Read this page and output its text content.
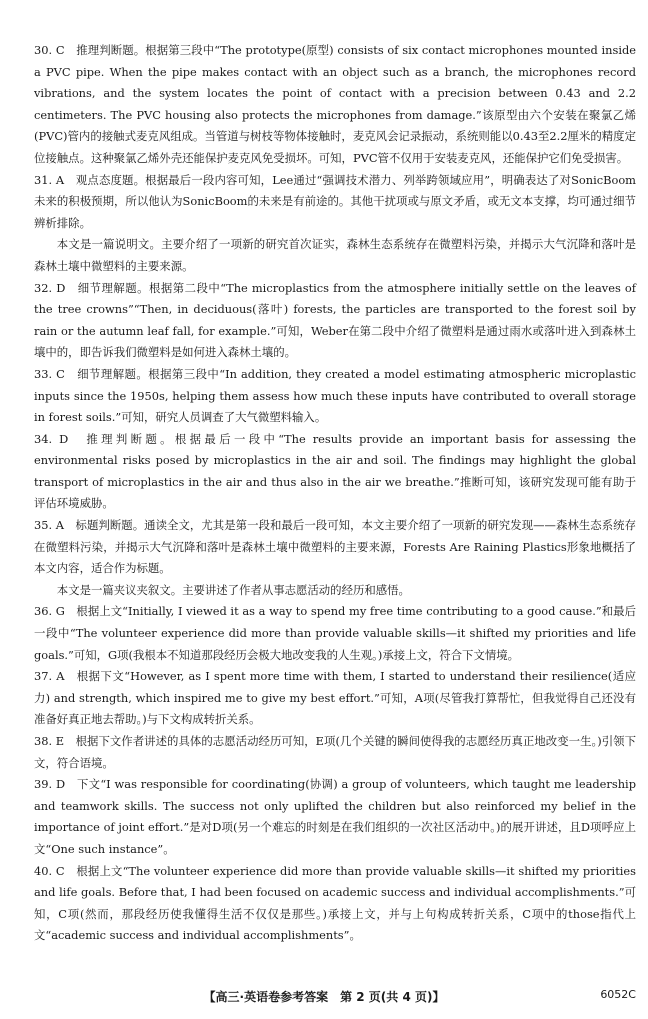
30. C　推理判断题。根据第三段中“The prototype(原型) consists of six contact microphones mounted inside a PVC pipe. When the pipe makes contact with an object such as a branch, the microphones record vibrations, and the system locates the point of contact with a precision between 0.43 and 2.2 centimeters. The PVC housing also protects the microphones from damage.”该原型由六个安装在聚氯乙烯(PVC)管内的接触式麦克风组成。当管道与树枝等物体接触时，麦克风会记录振动，系统则能以0.43至2.2厘米的精度定位接触点。这种聚氯乙烯外壳还能保护麦克风免受损坏。可知，PVC管不仅用于安装麦克风，还能保护它们免受损害。

31. A　观点态度题。根据最后一段内容可知，Lee通过“强调技术潜力、列举跨领域应用”，明确表达了对SonicBoom未来的积极预期，所以他认为SonicBoom的未来是有前途的。其他干扰项或与原文矛盾，或无文本支撑，均可通过细节辨析排除。

本文是一篇说明文。主要介绍了一项新的研究首次证实，森林生态系统存在微塑料污染，并揭示大气沉降和落叶是森林土壤中微塑料的主要来源。

32. D　细节理解题。根据第二段中“The microplastics from the atmosphere initially settle on the leaves of the tree crowns”“Then, in deciduous(落叶) forests, the particles are transported to the forest soil by rain or the autumn leaf fall, for example.”可知，Weber在第二段中介绍了微塑料是通过雨水或落叶进入到森林土壤中的，即告诉我们微塑料是如何进入森林土壤的。

33. C　细节理解题。根据第三段中“In addition, they created a model estimating atmospheric microplastic inputs since the 1950s, helping them assess how much these inputs have contributed to overall storage in forest soils.”可知，研究人员调查了大气微塑料输入。

34. D　推理判断题。根据最后一段中“The results provide an important basis for assessing the environmental risks posed by microplastics in the air and soil. The findings may highlight the global transport of microplastics in the air and thus also in the air we breathe.”推断可知，该研究发现可能有助于评估环境威胁。

35. A　标题判断题。通读全文，尤其是第一段和最后一段可知，本文主要介绍了一项新的研究发现——森林生态系统存在微塑料污染，并揭示大气沉降和落叶是森林土壤中微塑料的主要来源，Forests Are Raining Plastics形象地概括了本文内容，适合作为标题。

本文是一篇夹议夹叙文。主要讲述了作者从事志愿活动的经历和感悟。

36. G　根据上文“Initially, I viewed it as a way to spend my free time contributing to a good cause.”和最后一段中“The volunteer experience did more than provide valuable skills—it shifted my priorities and life goals.”可知，G项(我根本不知道那段经历会极大地改变我的人生观。)承接上文，符合下文情境。

37. A　根据下文“However, as I spent more time with them, I started to understand their resilience(适应力) and strength, which inspired me to give my best effort.”可知，A项(尽管我打算帮忙，但我觉得自己还没有准备好真正地去帮助。)与下文构成转折关系。

38. E　根据下文作者讲述的具体的志愿活动经历可知，E项(几个关键的瞬间使得我的志愿经历真正地改变一生。)引领下文，符合语境。

39. D　下文“I was responsible for coordinating(协调) a group of volunteers, which taught me leadership and teamwork skills. The success not only uplifted the children but also reinforced my belief in the importance of joint effort.”是对D项(另一个难忘的时刻是在我们组织的一次社区活动中。)的展开讲述，且D项呼应上文“One such instance”。

40. C　根据上文“The volunteer experience did more than provide valuable skills—it shifted my priorities and life goals. Before that, I had been focused on academic success and individual accomplishments.”可知，C项(然而，那段经历使我懂得生活不仅仅是那些。)承接上文，并与上句构成转折关系，C项中的those指代上文“academic success and individual accomplishments”。

【高三·英语卷参考答案　第 2 页(共 4 页)】	6052C
